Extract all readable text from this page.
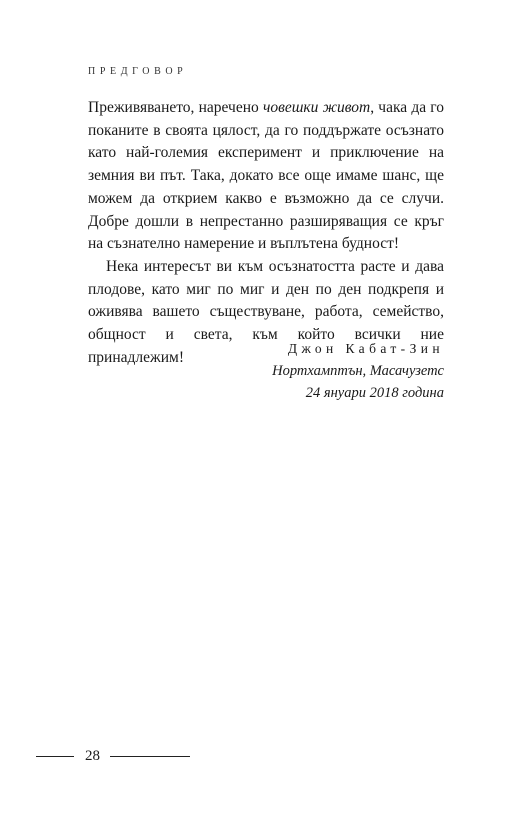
ПРЕДГОВОР

Преживяването, наречено човешки живот, чака да го поканите в своята цялост, да го поддържате осъзнато като най-големия експеримент и приключение на земния ви път. Така, докато все още имаме шанс, ще можем да открием какво е възможно да се случи. Добре дошли в непрестанно разширяващия се кръг на съзнателно намерение и въплътена будност!

Нека интересът ви към осъзнатостта расте и дава плодове, като миг по миг и ден по ден подкрепя и оживява вашето съществуване, работа, семейство, общност и света, към който всички ние принадлежим!

Джон Кабат-Зин
Нортхамптън, Масачузетс
24 януари 2018 година
28
